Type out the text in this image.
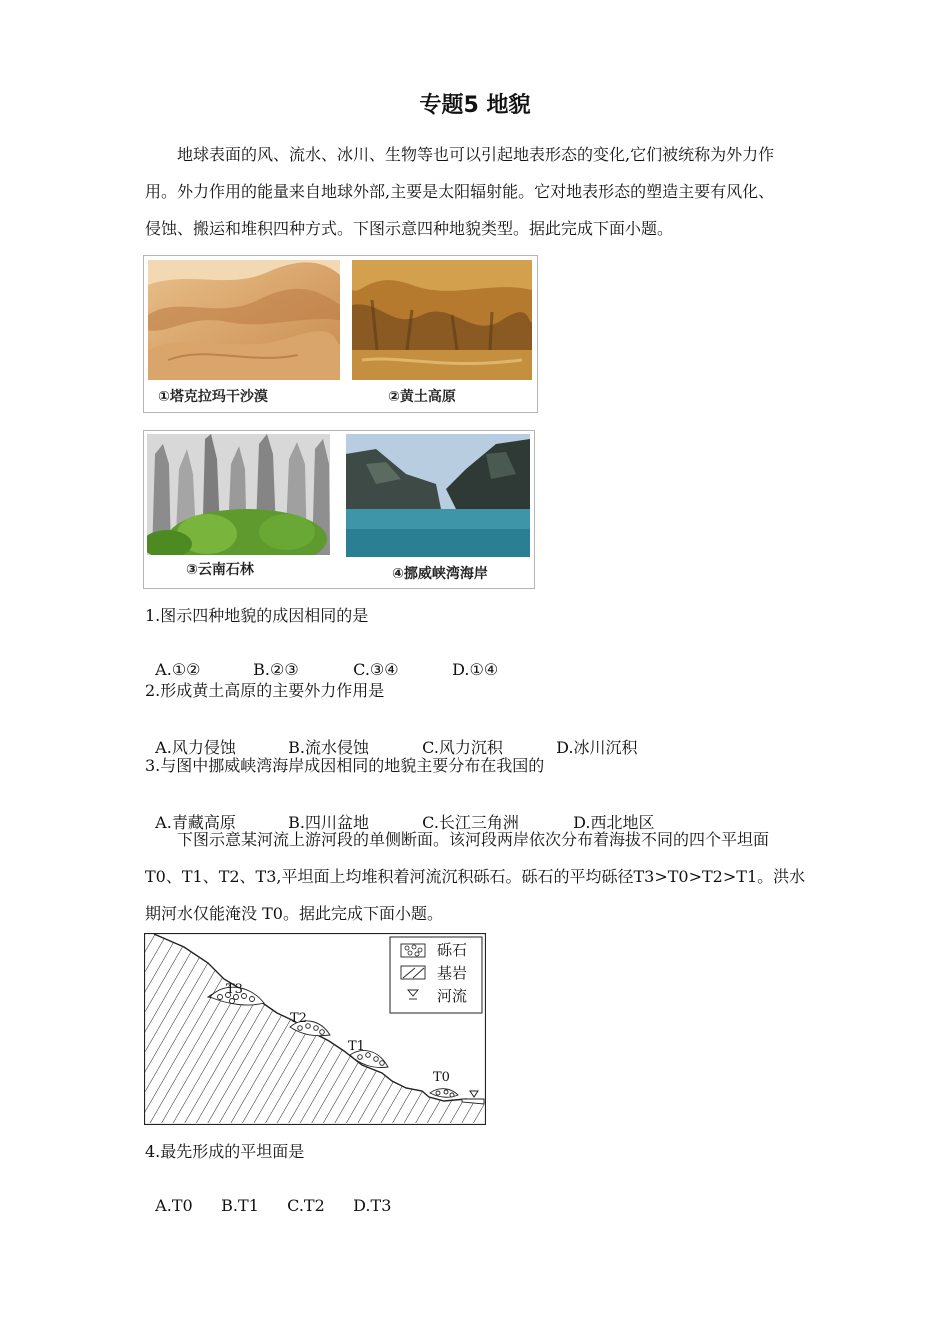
专题5 地貌
地球表面的风、流水、冰川、生物等也可以引起地表形态的变化,它们被统称为外力作
用。外力作用的能量来自地球外部,主要是太阳辐射能。它对地表形态的塑造主要有风化、
侵蚀、搬运和堆积四种方式。下图示意四种地貌类型。据此完成下面小题。
①塔克拉玛干沙漠	②黄土高原
③云南石林	④挪威峡湾海岸
1.图示四种地貌的成因相同的是

A.①②	B.②③	C.③④	D.①④

2.形成黄土高原的主要外力作用是

A.风力侵蚀	B.流水侵蚀	C.风力沉积	D.冰川沉积

3.与图中挪威峡湾海岸成因相同的地貌主要分布在我国的

A.青藏高原	B.四川盆地	C.长江三角洲	D.西北地区

下图示意某河流上游河段的单侧断面。该河段两岸依次分布着海拔不同的四个平坦面
T0、T1、T2、T3,平坦面上均堆积着河流沉积砾石。砾石的平均砾径T3>T0>T2>T1。洪水
期河水仅能淹没 T0。据此完成下面小题。
T3
T2
T1
T0
砾石
基岩
河流
4.最先形成的平坦面是

A.T0 B.T1 C.T2 D.T3
